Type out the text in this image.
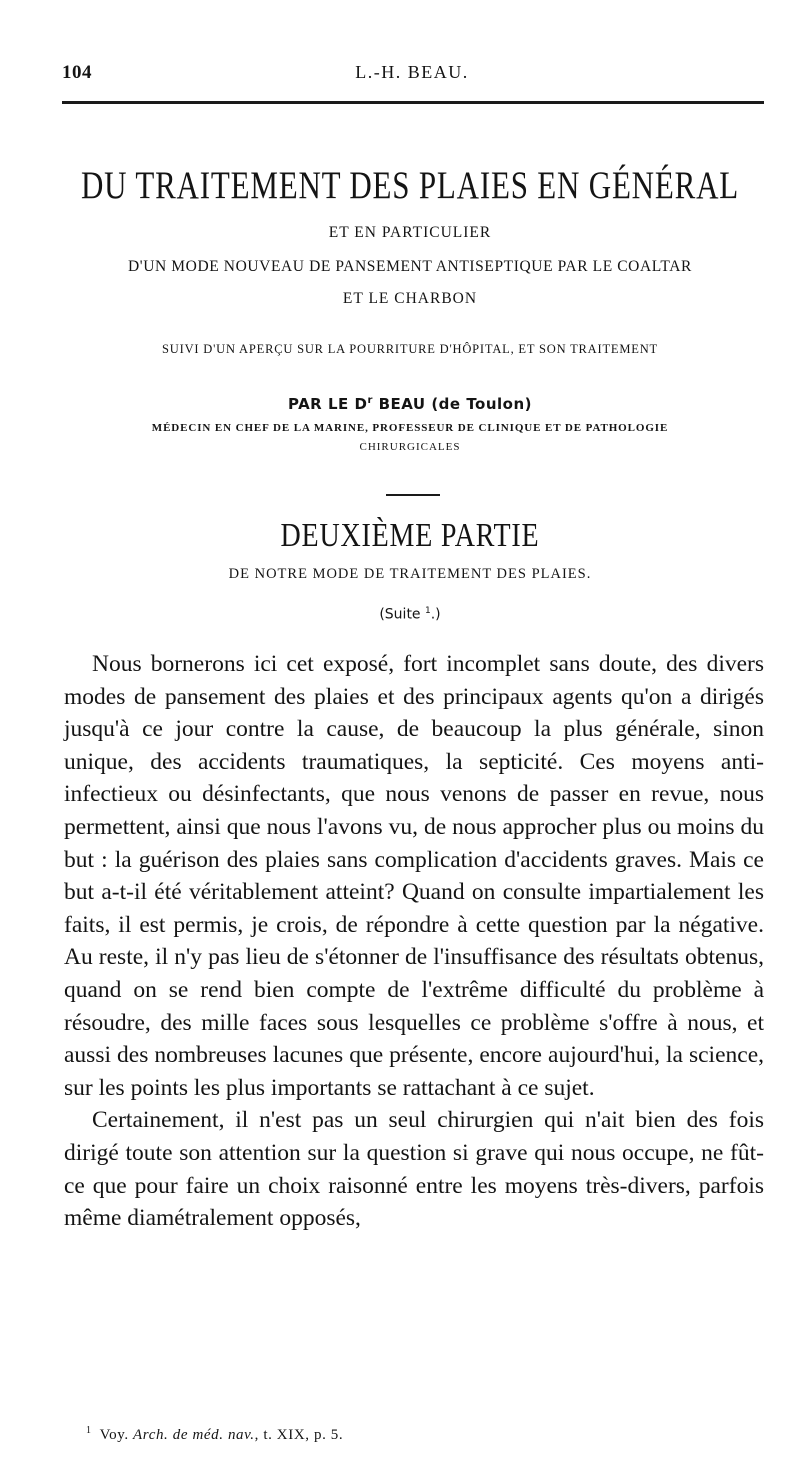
104	L.-H. BEAU.
DU TRAITEMENT DES PLAIES EN GÉNÉRAL
ET EN PARTICULIER
D'UN MODE NOUVEAU DE PANSEMENT ANTISEPTIQUE PAR LE COALTAR
ET LE CHARBON
SUIVI D'UN APERÇU SUR LA POURRITURE D'HÔPITAL, ET SON TRAITEMENT
PAR LE $D^r$ BEAU (de Toulon)
MÉDECIN EN CHEF DE LA MARINE, PROFESSEUR DE CLINIQUE ET DE PATHOLOGIE
CHIRURGICALES
DEUXIÈME PARTIE
DE NOTRE MODE DE TRAITEMENT DES PLAIES.
(Suite $^1$.)

Nous bornerons ici cet exposé, fort incomplet sans doute, des divers modes de pansement des plaies et des principaux agents qu'on a dirigés jusqu'à ce jour contre la cause, de beaucoup la plus générale, sinon unique, des accidents traumatiques, la septicité. Ces moyens anti-infectieux ou désinfectants, que nous venons de passer en revue, nous permettent, ainsi que nous l'avons vu, de nous approcher plus ou moins du but : la guérison des plaies sans complication d'accidents graves. Mais ce but a-t-il été véritablement atteint? Quand on consulte impartialement les faits, il est permis, je crois, de répondre à cette question par la négative. Au reste, il n'y pas lieu de s'étonner de l'insuffisance des résultats obtenus, quand on se rend bien compte de l'extrême difficulté du problème à résoudre, des mille faces sous lesquelles ce problème s'offre à nous, et aussi des nombreuses lacunes que présente, encore aujourd'hui, la science, sur les points les plus importants se rattachant à ce sujet.

Certainement, il n'est pas un seul chirurgien qui n'ait bien des fois dirigé toute son attention sur la question si grave qui nous occupe, ne fût-ce que pour faire un choix raisonné entre les moyens très-divers, parfois même diamétralement opposés,

$^1$ Voy. Arch. de méd. nav., t. XIX, p. 5.
